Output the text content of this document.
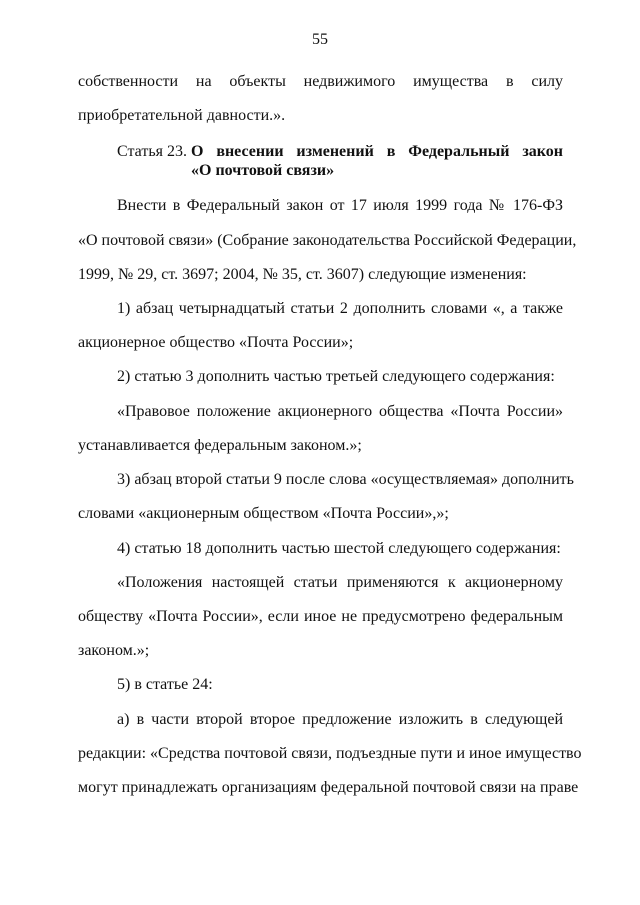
55
собственности на объекты недвижимого имущества в силу
приобретательной давности.».
Статья 23. О внесении изменений в Федеральный закон
«О почтовой связи»
Внести в Федеральный закон от 17 июля 1999 года № 176-ФЗ
«О почтовой связи» (Собрание законодательства Российской Федерации,
1999, № 29, ст. 3697; 2004, № 35, ст. 3607) следующие изменения:
1) абзац четырнадцатый статьи 2 дополнить словами «, а также
акционерное общество «Почта России»;
2) статью 3 дополнить частью третьей следующего содержания:
«Правовое положение акционерного общества «Почта России»
устанавливается федеральным законом.»;
3) абзац второй статьи 9 после слова «осуществляемая» дополнить
словами «акционерным обществом «Почта России»,»;
4) статью 18 дополнить частью шестой следующего содержания:
«Положения настоящей статьи применяются к акционерному
обществу «Почта России», если иное не предусмотрено федеральным
законом.»;
5) в статье 24:
а) в части второй второе предложение изложить в следующей
редакции: «Средства почтовой связи, подъездные пути и иное имущество
могут принадлежать организациям федеральной почтовой связи на праве
